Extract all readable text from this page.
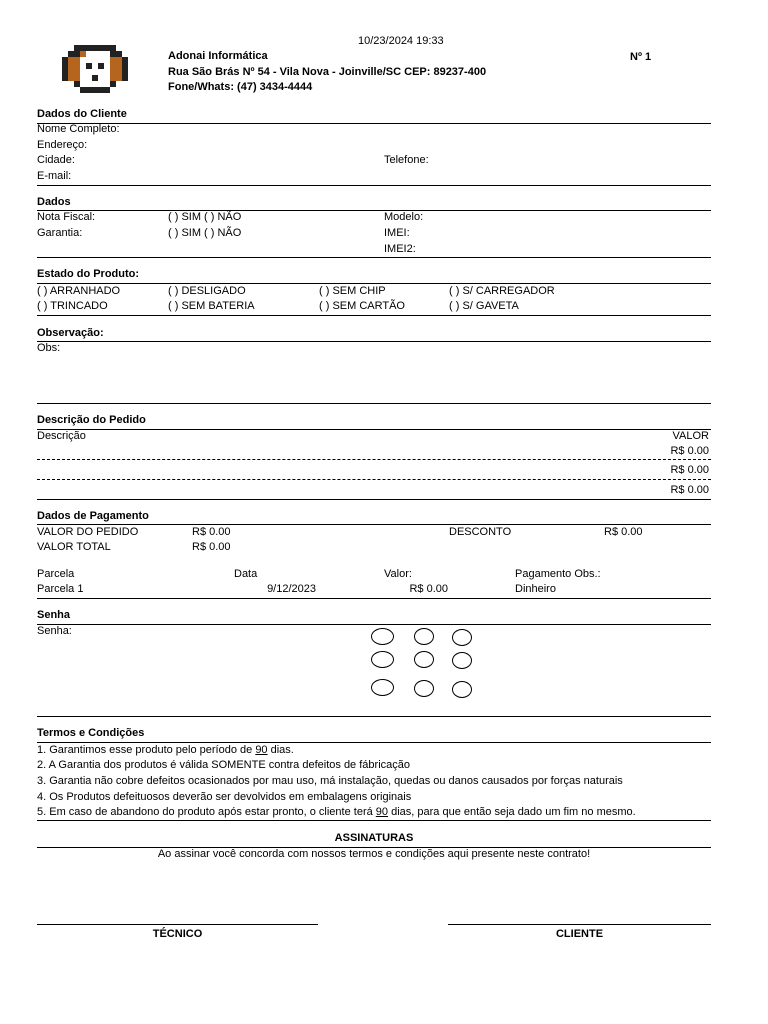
10/23/2024 19:33
Adonai Informática
Rua São Brás Nº 54 - Vila Nova - Joinville/SC CEP: 89237-400
Fone/Whats: (47) 3434-4444
Nº 1
Dados do Cliente
Nome Completo:
Endereço:
Cidade:	Telefone:
E-mail:
Dados
Nota Fiscal:	( ) SIM ( ) NÃO	Modelo:
Garantia:	( ) SIM ( ) NÃO	IMEI:
IMEI2:
Estado do Produto:
( ) ARRANHADO	( ) DESLIGADO	( ) SEM CHIP	( ) S/ CARREGADOR
( ) TRINCADO	( ) SEM BATERIA	( ) SEM CARTÃO	( ) S/ GAVETA
Observação:
Obs:
Descrição do Pedido
Descrição	VALOR
R$ 0.00
R$ 0.00
R$ 0.00
Dados de Pagamento
VALOR DO PEDIDO	R$ 0.00	DESCONTO	R$ 0.00
VALOR TOTAL	R$ 0.00
Parcela	Data	Valor:	Pagamento Obs.:
Parcela 1	9/12/2023	R$ 0.00	Dinheiro
Senha
Senha:
Termos e Condições
1. Garantimos esse produto pelo período de 90 dias.
2. A Garantia dos produtos é válida SOMENTE contra defeitos de fábricação
3. Garantia não cobre defeitos ocasionados por mau uso, má instalação, quedas ou danos causados por forças naturais
4. Os Produtos defeituosos deverão ser devolvidos em embalagens originais
5. Em caso de abandono do produto após estar pronto, o cliente terá 90 dias, para que então seja dado um fim no mesmo.
ASSINATURAS
Ao assinar você concorda com nossos termos e condições aqui presente neste contrato!
TÉCNICO	CLIENTE
